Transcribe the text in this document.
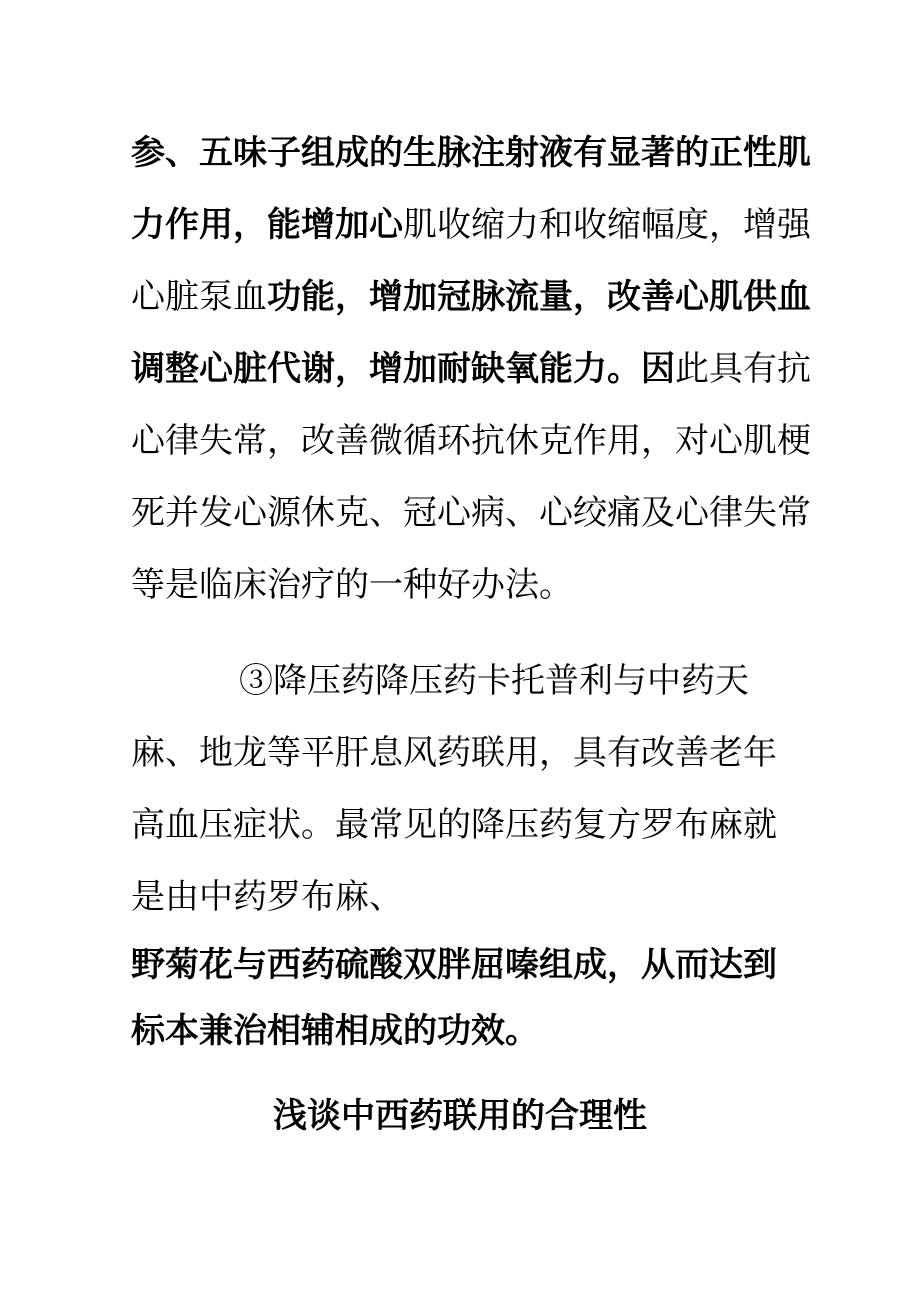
参、五味子组成的生脉注射液有显著的正性肌
力作用，能增加心肌收缩力和收缩幅度，增强
心脏泵血功能，增加冠脉流量，改善心肌供血
调整心脏代谢，增加耐缺氧能力。因此具有抗
心律失常，改善微循环抗休克作用，对心肌梗
死并发心源休克、冠心病、心绞痛及心律失常
等是临床治疗的一种好办法。
③降压药降压药卡托普利与中药天
麻、地龙等平肝息风药联用，具有改善老年
高血压症状。最常见的降压药复方罗布麻就
是由中药罗布麻、
野菊花与西药硫酸双胖屈嗪组成，从而达到
标本兼治相辅相成的功效。
浅谈中西药联用的合理性
